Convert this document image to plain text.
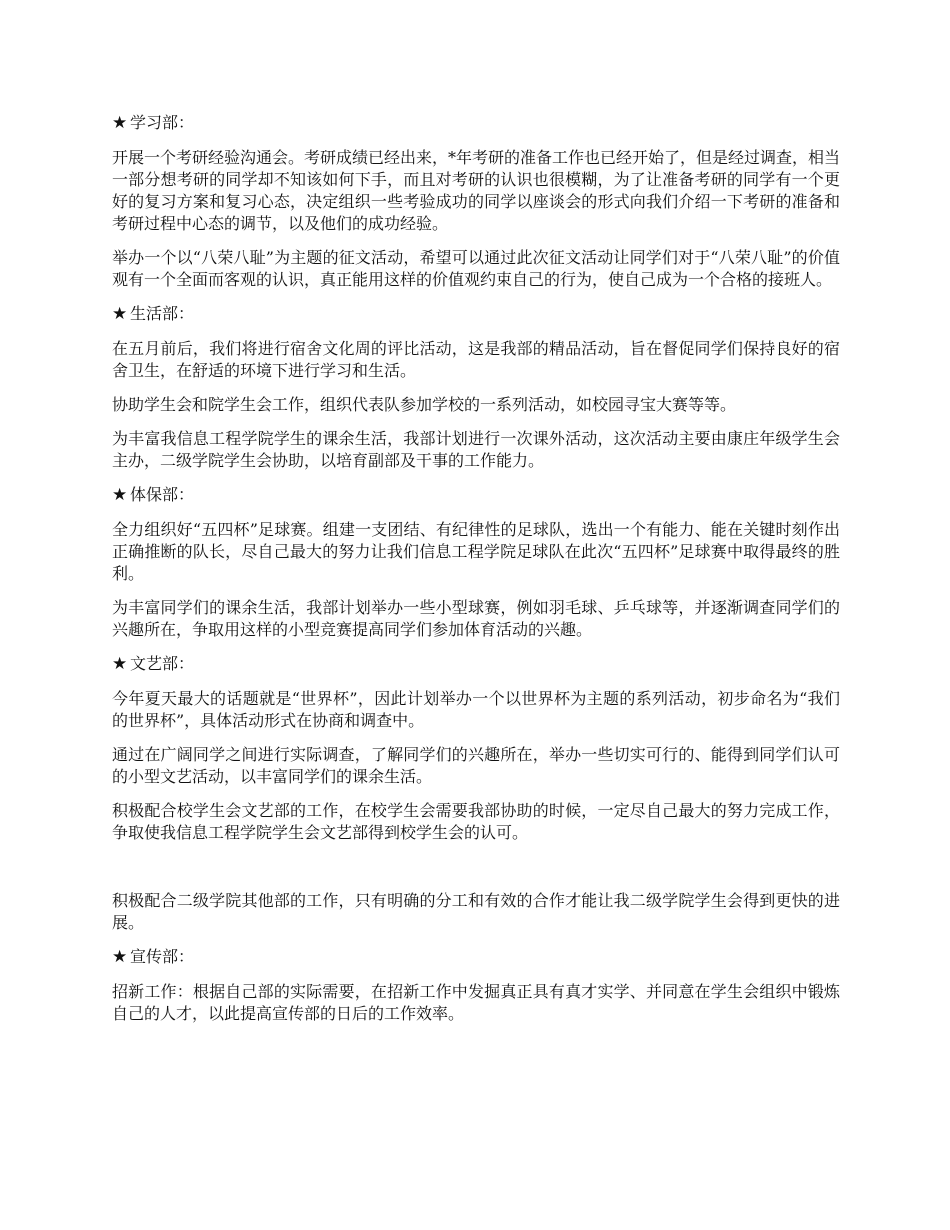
★ 学习部：

开展一个考研经验沟通会。考研成绩已经出来，*年考研的准备工作也已经开始了，但是经过调查，相当一部分想考研的同学却不知该如何下手，而且对考研的认识也很模糊，为了让准备考研的同学有一个更好的复习方案和复习心态，决定组织一些考验成功的同学以座谈会的形式向我们介绍一下考研的准备和考研过程中心态的调节，以及他们的成功经验。

举办一个以“八荣八耻”为主题的征文活动，希望可以通过此次征文活动让同学们对于“八荣八耻”的价值观有一个全面而客观的认识，真正能用这样的价值观约束自己的行为，使自己成为一个合格的接班人。

★ 生活部：

在五月前后，我们将进行宿舍文化周的评比活动，这是我部的精品活动，旨在督促同学们保持良好的宿舍卫生，在舒适的环境下进行学习和生活。

协助学生会和院学生会工作，组织代表队参加学校的一系列活动，如校园寻宝大赛等等。

为丰富我信息工程学院学生的课余生活，我部计划进行一次课外活动，这次活动主要由康庄年级学生会主办，二级学院学生会协助，以培育副部及干事的工作能力。

★ 体保部：

全力组织好“五四杯”足球赛。组建一支团结、有纪律性的足球队，选出一个有能力、能在关键时刻作出正确推断的队长，尽自己最大的努力让我们信息工程学院足球队在此次“五四杯”足球赛中取得最终的胜利。

为丰富同学们的课余生活，我部计划举办一些小型球赛，例如羽毛球、乒乓球等，并逐渐调查同学们的兴趣所在，争取用这样的小型竞赛提高同学们参加体育活动的兴趣。

★ 文艺部：

今年夏天最大的话题就是“世界杯”，因此计划举办一个以世界杯为主题的系列活动，初步命名为“我们的世界杯”，具体活动形式在协商和调查中。

通过在广阔同学之间进行实际调查，了解同学们的兴趣所在，举办一些切实可行的、能得到同学们认可的小型文艺活动，以丰富同学们的课余生活。

积极配合校学生会文艺部的工作，在校学生会需要我部协助的时候，一定尽自己最大的努力完成工作，争取使我信息工程学院学生会文艺部得到校学生会的认可。

积极配合二级学院其他部的工作，只有明确的分工和有效的合作才能让我二级学院学生会得到更快的进展。

★ 宣传部：

招新工作：根据自己部的实际需要，在招新工作中发掘真正具有真才实学、并同意在学生会组织中锻炼自己的人才，以此提高宣传部的日后的工作效率。
